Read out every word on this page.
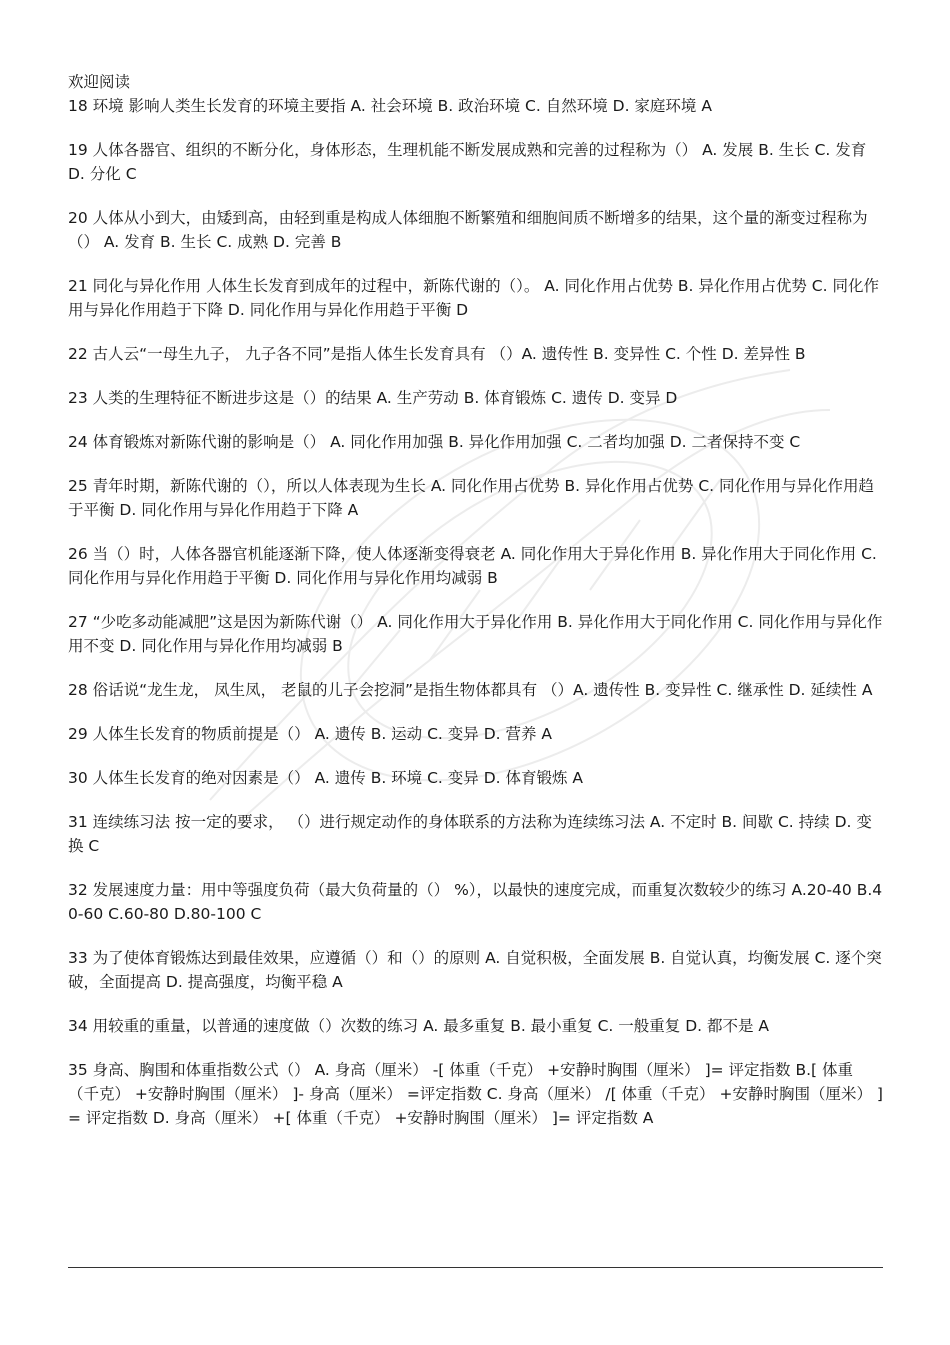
欢迎阅读
18 环境 影响人类生长发育的环境主要指 A. 社会环境 B. 政治环境 C. 自然环境 D. 家庭环境 A
19 人体各器官、组织的不断分化，身体形态，生理机能不断发展成熟和完善的过程称为（） A. 发展 B. 生长 C. 发育 D. 分化 C
20 人体从小到大，由矮到高，由轻到重是构成人体细胞不断繁殖和细胞间质不断增多的结果，这个量的渐变过程称为（） A. 发育 B. 生长 C. 成熟 D. 完善 B
21 同化与异化作用 人体生长发育到成年的过程中，新陈代谢的（）。 A. 同化作用占优势 B. 异化作用占优势 C. 同化作用与异化作用趋于下降 D. 同化作用与异化作用趋于平衡 D
22 古人云“一母生九子， 九子各不同”是指人体生长发育具有 （）A. 遗传性 B. 变异性 C. 个性 D. 差异性 B
23 人类的生理特征不断进步这是（）的结果 A. 生产劳动 B. 体育锻炼 C. 遗传 D. 变异 D
24 体育锻炼对新陈代谢的影响是（） A. 同化作用加强 B. 异化作用加强 C. 二者均加强 D. 二者保持不变 C
25 青年时期，新陈代谢的（），所以人体表现为生长 A. 同化作用占优势 B. 异化作用占优势 C. 同化作用与异化作用趋于平衡 D. 同化作用与异化作用趋于下降 A
26 当（）时，人体各器官机能逐渐下降，使人体逐渐变得衰老 A. 同化作用大于异化作用 B. 异化作用大于同化作用 C. 同化作用与异化作用趋于平衡 D. 同化作用与异化作用均减弱 B
27 “少吃多动能减肥”这是因为新陈代谢（） A. 同化作用大于异化作用 B. 异化作用大于同化作用 C. 同化作用与异化作用不变 D. 同化作用与异化作用均减弱 B
28 俗话说“龙生龙， 凤生凤， 老鼠的儿子会挖洞”是指生物体都具有 （）A. 遗传性 B. 变异性 C. 继承性 D. 延续性 A
29 人体生长发育的物质前提是（） A. 遗传 B. 运动 C. 变异 D. 营养 A
30 人体生长发育的绝对因素是（） A. 遗传 B. 环境 C. 变异 D. 体育锻炼 A
31 连续练习法 按一定的要求， （）进行规定动作的身体联系的方法称为连续练习法 A. 不定时 B. 间歇 C. 持续 D. 变换 C
32 发展速度力量：用中等强度负荷（最大负荷量的（） %），以最快的速度完成，而重复次数较少的练习 A.20-40 B.40-60 C.60-80 D.80-100 C
33 为了使体育锻炼达到最佳效果，应遵循（）和（）的原则 A. 自觉积极，全面发展 B. 自觉认真，均衡发展 C. 逐个突破，全面提高 D. 提高强度，均衡平稳 A
34 用较重的重量，以普通的速度做（）次数的练习 A. 最多重复 B. 最小重复 C. 一般重复 D. 都不是 A
35 身高、胸围和体重指数公式（） A. 身高（厘米） -[ 体重（千克） +安静时胸围（厘米） ]= 评定指数 B.[ 体重（千克） +安静时胸围（厘米） ]- 身高（厘米） =评定指数 C. 身高（厘米） /[ 体重（千克） +安静时胸围（厘米） ]= 评定指数 D. 身高（厘米） +[ 体重（千克） +安静时胸围（厘米） ]= 评定指数 A
